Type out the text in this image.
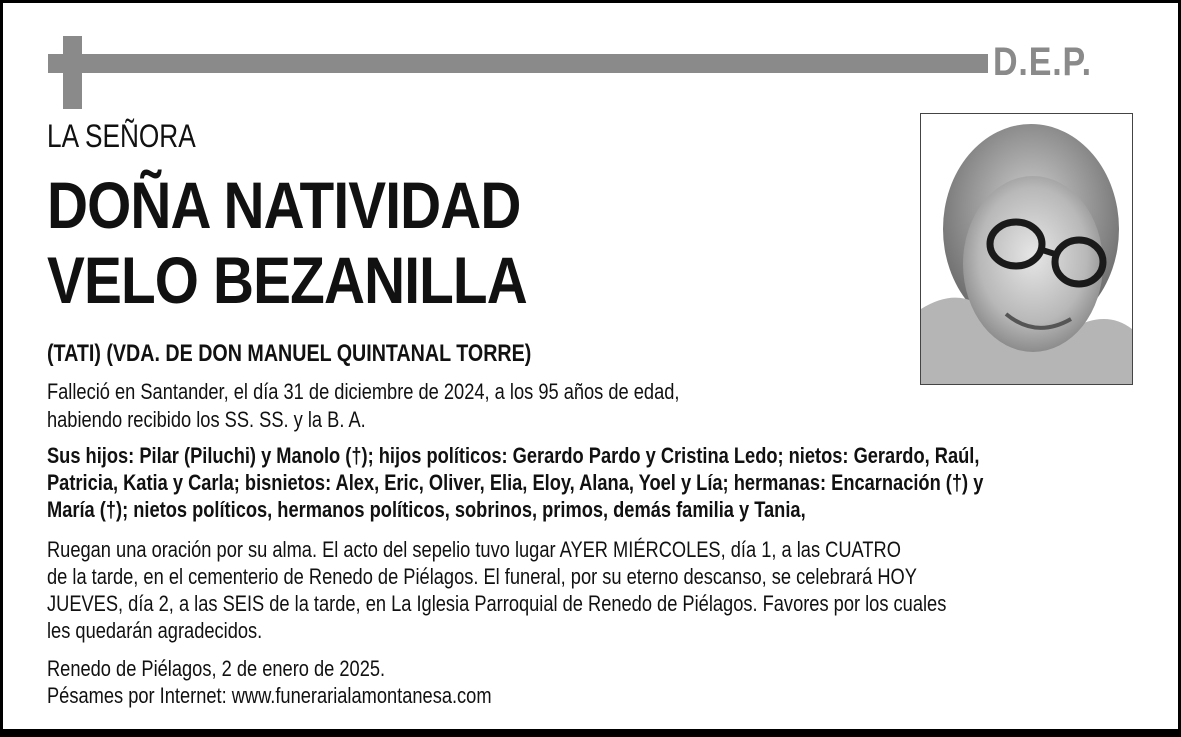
D.E.P.
LA SEÑORA
DOÑA NATIVIDAD
VELO BEZANILLA
(TATI) (VDA. DE DON MANUEL QUINTANAL TORRE)
Falleció en Santander, el día 31 de diciembre de 2024, a los 95 años de edad,
habiendo recibido los SS. SS. y la B. A.
Sus hijos: Pilar (Piluchi) y Manolo (†); hijos políticos: Gerardo Pardo y Cristina Ledo; nietos: Gerardo, Raúl,
Patricia, Katia y Carla; bisnietos: Alex, Eric, Oliver, Elia, Eloy, Alana, Yoel y Lía; hermanas: Encarnación (†) y
María (†); nietos políticos, hermanos políticos, sobrinos, primos, demás familia y Tania,
Ruegan una oración por su alma. El acto del sepelio tuvo lugar AYER MIÉRCOLES, día 1, a las CUATRO
de la tarde, en el cementerio de Renedo de Piélagos. El funeral, por su eterno descanso, se celebrará HOY
JUEVES, día 2, a las SEIS de la tarde, en La Iglesia Parroquial de Renedo de Piélagos. Favores por los cuales
les quedarán agradecidos.
Renedo de Piélagos, 2 de enero de 2025.
Pésames por Internet: www.funerarialamontanesa.com
